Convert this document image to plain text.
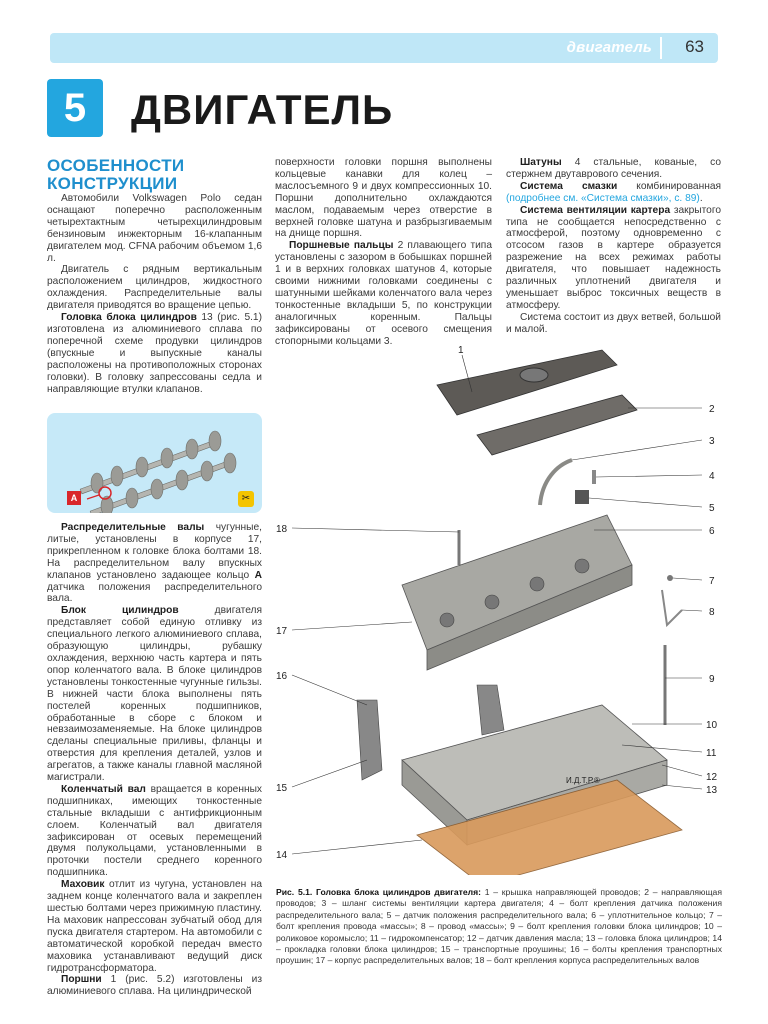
двигатель 63
5	ДВИГАТЕЛЬ

ОСОБЕННОСТИ
КОНСТРУКЦИИ

Автомобили Volkswagen Polo седан оснащают поперечно расположенным четырехтактным четырехцилиндровым бензиновым инжекторным 16-клапанным двигателем мод. CFNA рабочим объемом 1,6 л.

Двигатель с рядным вертикальным расположением цилиндров, жидкостного охлаждения. Распределительные валы двигателя приводятся во вращение цепью.

Головка блока цилиндров 13 (рис. 5.1) изготовлена из алюминиевого сплава по поперечной схеме продувки цилиндров (впускные и выпускные каналы расположены на противоположных сторонах головки). В головку запрессованы седла и направляющие втулки клапанов.

A	✂

Распределительные валы чугунные, литые, установлены в корпусе 17, прикрепленном к головке блока болтами 18. На распределительном валу впускных клапанов установлено задающее кольцо А датчика положения распределительного вала.

Блок цилиндров двигателя представляет собой единую отливку из специального легкого алюминиевого сплава, образующую цилиндры, рубашку охлаждения, верхнюю часть картера и пять опор коленчатого вала. В блоке цилиндров установлены тонкостенные чугунные гильзы. В нижней части блока выполнены пять постелей коренных подшипников, обработанные в сборе с блоком и невзаимозаменяемые. На блоке цилиндров сделаны специальные приливы, фланцы и отверстия для крепления деталей, узлов и агрегатов, а также каналы главной масляной магистрали.

Коленчатый вал вращается в коренных подшипниках, имеющих тонкостенные стальные вкладыши с антифрикционным слоем. Коленчатый вал двигателя зафиксирован от осевых перемещений двумя полукольцами, установленными в проточки постели среднего коренного подшипника.

Маховик отлит из чугуна, установлен на заднем конце коленчатого вала и закреплен шестью болтами через прижимную пластину. На маховик напрессован зубчатый обод для пуска двигателя стартером. На автомобили с автоматической коробкой передач вместо маховика устанавливают ведущий диск гидротрансформатора.

Поршни 1 (рис. 5.2) изготовлены из алюминиевого сплава. На цилиндрической

поверхности головки поршня выполнены кольцевые канавки для колец – маслосъемного 9 и двух компрессионных 10. Поршни дополнительно охлаждаются маслом, подаваемым через отверстие в верхней головке шатуна и разбрызгиваемым на днище поршня.

Поршневые пальцы 2 плавающего типа установлены с зазором в бобышках поршней 1 и в верхних головках шатунов 4, которые своими нижними головками соединены с шатунными шейками коленчатого вала через тонкостенные вкладыши 5, по конструкции аналогичных коренным. Пальцы зафиксированы от осевого смещения стопорными кольцами 3.

Шатуны 4 стальные, кованые, со стержнем двутаврового сечения.

Система смазки комбинированная (подробнее см. «Система смазки», с. 89).

Система вентиляции картера закрытого типа не сообщается непосредственно с атмосферой, поэтому одновременно с отсосом газов в картере образуется разрежение на всех режимах работы двигателя, что повышает надежность различных уплотнений двигателя и уменьшает выброс токсичных веществ в атмосферу.

Система состоит из двух ветвей, большой и малой.

1
2
3
4
5
6
7
8
9
10
11
12
13
14
15
16
17
18
И.Д.Т.Р.®
Рис. 5.1. Головка блока цилиндров двигателя: 1 – крышка направляющей проводов; 2 – направляющая проводов; 3 – шланг системы вентиляции картера двигателя; 4 – болт крепления датчика положения распределительного вала; 5 – датчик положения распределительного вала; 6 – уплотнительное кольцо; 7 – болт крепления провода «массы»; 8 – провод «массы»; 9 – болт крепления головки блока цилиндров; 10 – роликовое коромысло; 11 – гидрокомпенсатор; 12 – датчик давления масла; 13 – головка блока цилиндров; 14 – прокладка головки блока цилиндров; 15 – транспортные проушины; 16 – болты крепления транспортных проушин; 17 – корпус распределительных валов; 18 – болт крепления корпуса распределительных валов
